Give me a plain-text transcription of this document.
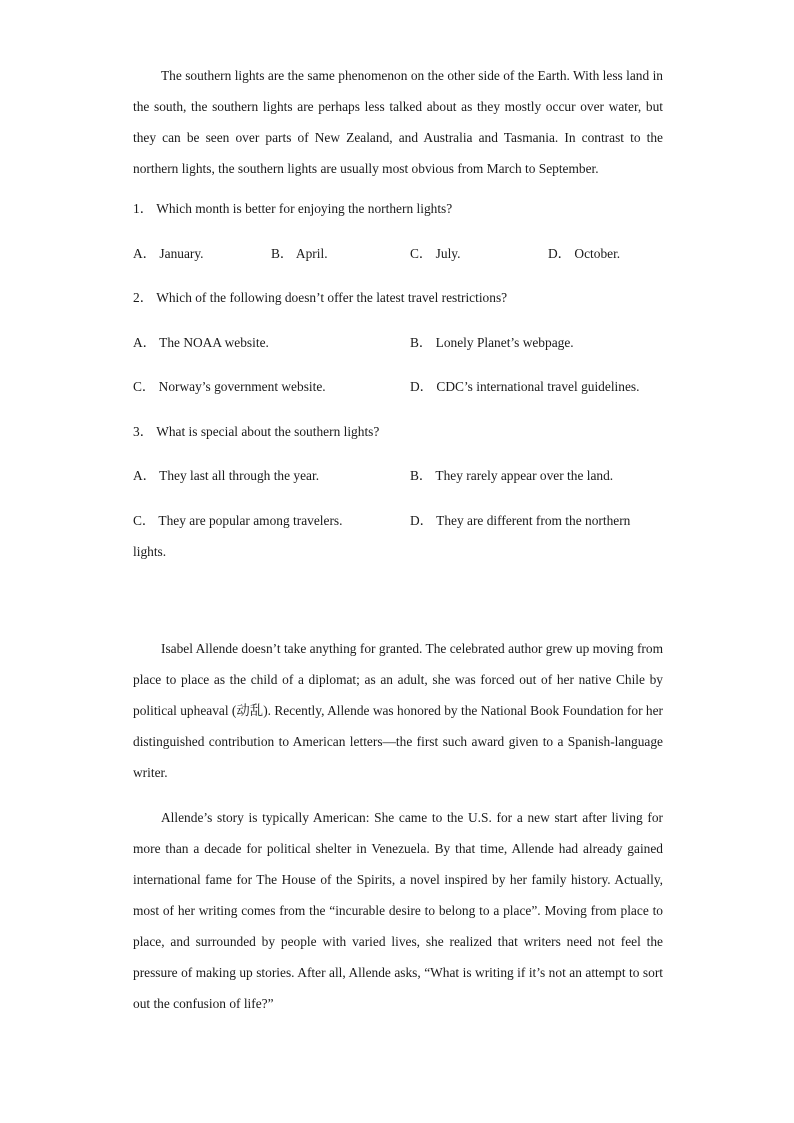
The southern lights are the same phenomenon on the other side of the Earth. With less land in the south, the southern lights are perhaps less talked about as they mostly occur over water, but they can be seen over parts of New Zealand, and Australia and Tasmania. In contrast to the northern lights, the southern lights are usually most obvious from March to September.

1． Which month is better for enjoying the northern lights?

A． January.	B． April.	C． July.	D． October.

2． Which of the following doesn’t offer the latest travel restrictions?

A． The NOAA website.	B． Lonely Planet’s webpage.
C． Norway’s government website.	D． CDC’s international travel guidelines.

3． What is special about the southern lights?

A． They last all through the year.	B． They rarely appear over the land.
C． They are popular among travelers.	D． They are different from the northern lights.

Isabel Allende doesn’t take anything for granted. The celebrated author grew up moving from place to place as the child of a diplomat; as an adult, she was forced out of her native Chile by political upheaval (动乱). Recently, Allende was honored by the National Book Foundation for her distinguished contribution to American letters—the first such award given to a Spanish-language writer.

Allende’s story is typically American: She came to the U.S. for a new start after living for more than a decade for political shelter in Venezuela. By that time, Allende had already gained international fame for The House of the Spirits, a novel inspired by her family history. Actually, most of her writing comes from the “incurable desire to belong to a place”. Moving from place to place, and surrounded by people with varied lives, she realized that writers need not feel the pressure of making up stories. After all, Allende asks, “What is writing if it’s not an attempt to sort out the confusion of life?”
